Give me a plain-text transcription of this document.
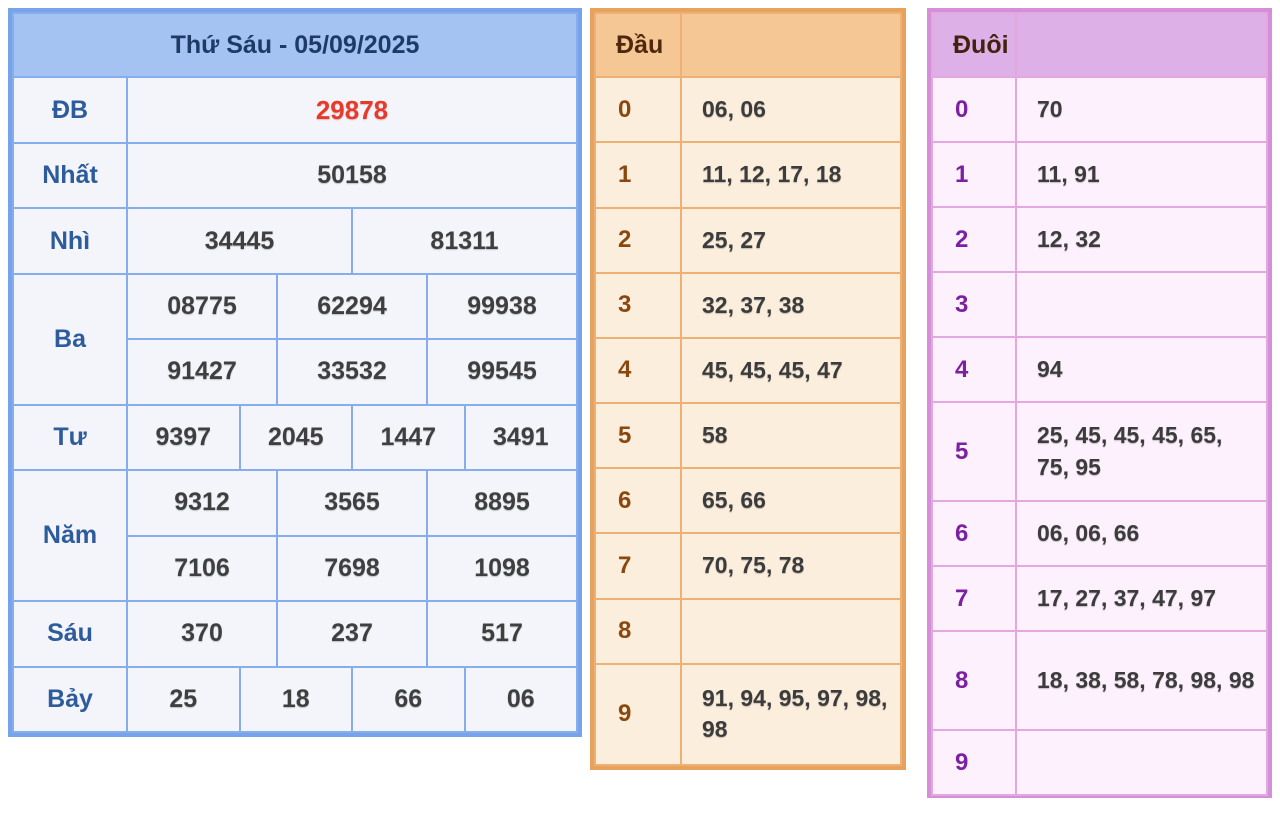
Thứ Sáu - 05/09/2025						
ĐB	29878					
Nhất	50158					
Nhì	34445			81311		
Ba	08775		62294		99938	
	91427		33532		99545	
Tư	9397	2045		1447		3491
Năm	9312		3565		8895	
	7106		7698		1098	
Sáu	370		237		517	
Bảy	25	18		66		06
Đầu	
0	06, 06
1	11, 12, 17, 18
2	25, 27
3	32, 37, 38
4	45, 45, 45, 47
5	58
6	65, 66
7	70, 75, 78
8	
9	91, 94, 95, 97, 98, 98
Đuôi	
0	70
1	11, 91
2	12, 32
3	
4	94
5	25, 45, 45, 45, 65, 75, 95
6	06, 06, 66
7	17, 27, 37, 47, 97
8	18, 38, 58, 78, 98, 98
9	
